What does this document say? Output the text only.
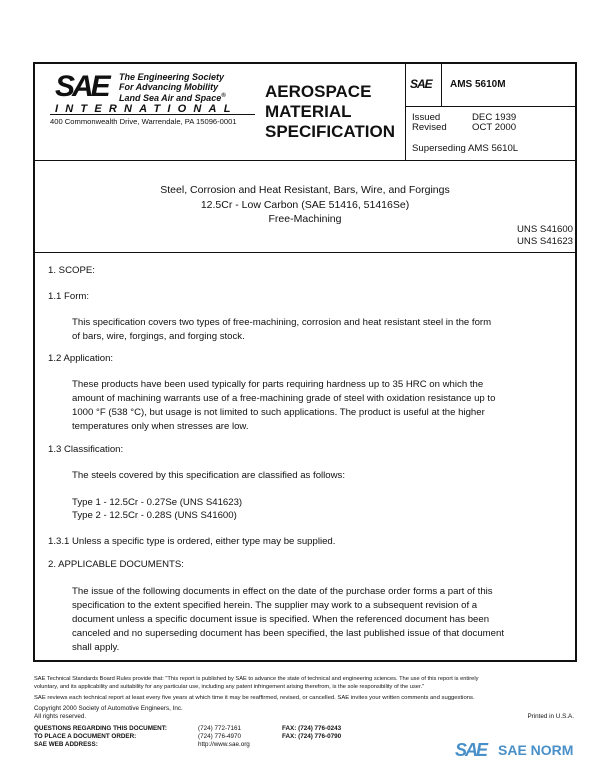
SAE The Engineering Society
For Advancing Mobility
Land Sea Air and Space®
INTERNATIONAL
400 Commonwealth Drive, Warrendale, PA 15096-0001
AEROSPACE
MATERIAL
SPECIFICATION
SAE AMS 5610M
Issued	DEC 1939
Revised	OCT 2000
Superseding AMS 5610L
Steel, Corrosion and Heat Resistant, Bars, Wire, and Forgings
12.5Cr - Low Carbon (SAE 51416, 51416Se)
Free-Machining
UNS S41600
UNS S41623
1. SCOPE:
1.1 Form:
This specification covers two types of free-machining, corrosion and heat resistant steel in the form
of bars, wire, forgings, and forging stock.
1.2 Application:
These products have been used typically for parts requiring hardness up to 35 HRC on which the
amount of machining warrants use of a free-machining grade of steel with oxidation resistance up to
1000 °F (538 °C), but usage is not limited to such applications. The product is useful at the higher
temperatures only when stresses are low.
1.3 Classification:
The steels covered by this specification are classified as follows:
Type 1 - 12.5Cr - 0.27Se (UNS S41623)
Type 2 - 12.5Cr - 0.28S (UNS S41600)
1.3.1 Unless a specific type is ordered, either type may be supplied.
2. APPLICABLE DOCUMENTS:
The issue of the following documents in effect on the date of the purchase order forms a part of this
specification to the extent specified herein. The supplier may work to a subsequent revision of a
document unless a specific document issue is specified. When the referenced document has been
canceled and no superseding document has been specified, the last published issue of that document
shall apply.
SAE Technical Standards Board Rules provide that: "This report is published by SAE to advance the state of technical and engineering sciences. The use of this report is entirely
voluntary, and its applicability and suitability for any particular use, including any patent infringement arising therefrom, is the sole responsibility of the user."
SAE reviews each technical report at least every five years at which time it may be reaffirmed, revised, or cancelled. SAE invites your written comments and suggestions.
Copyright 2000 Society of Automotive Engineers, Inc.
All rights reserved.	Printed in U.S.A.
QUESTIONS REGARDING THIS DOCUMENT:	(724) 772-7161	FAX: (724) 776-0243
TO PLACE A DOCUMENT ORDER:	(724) 776-4970	FAX: (724) 776-0790
SAE WEB ADDRESS:	http://www.sae.org	SAE SAE NORM
